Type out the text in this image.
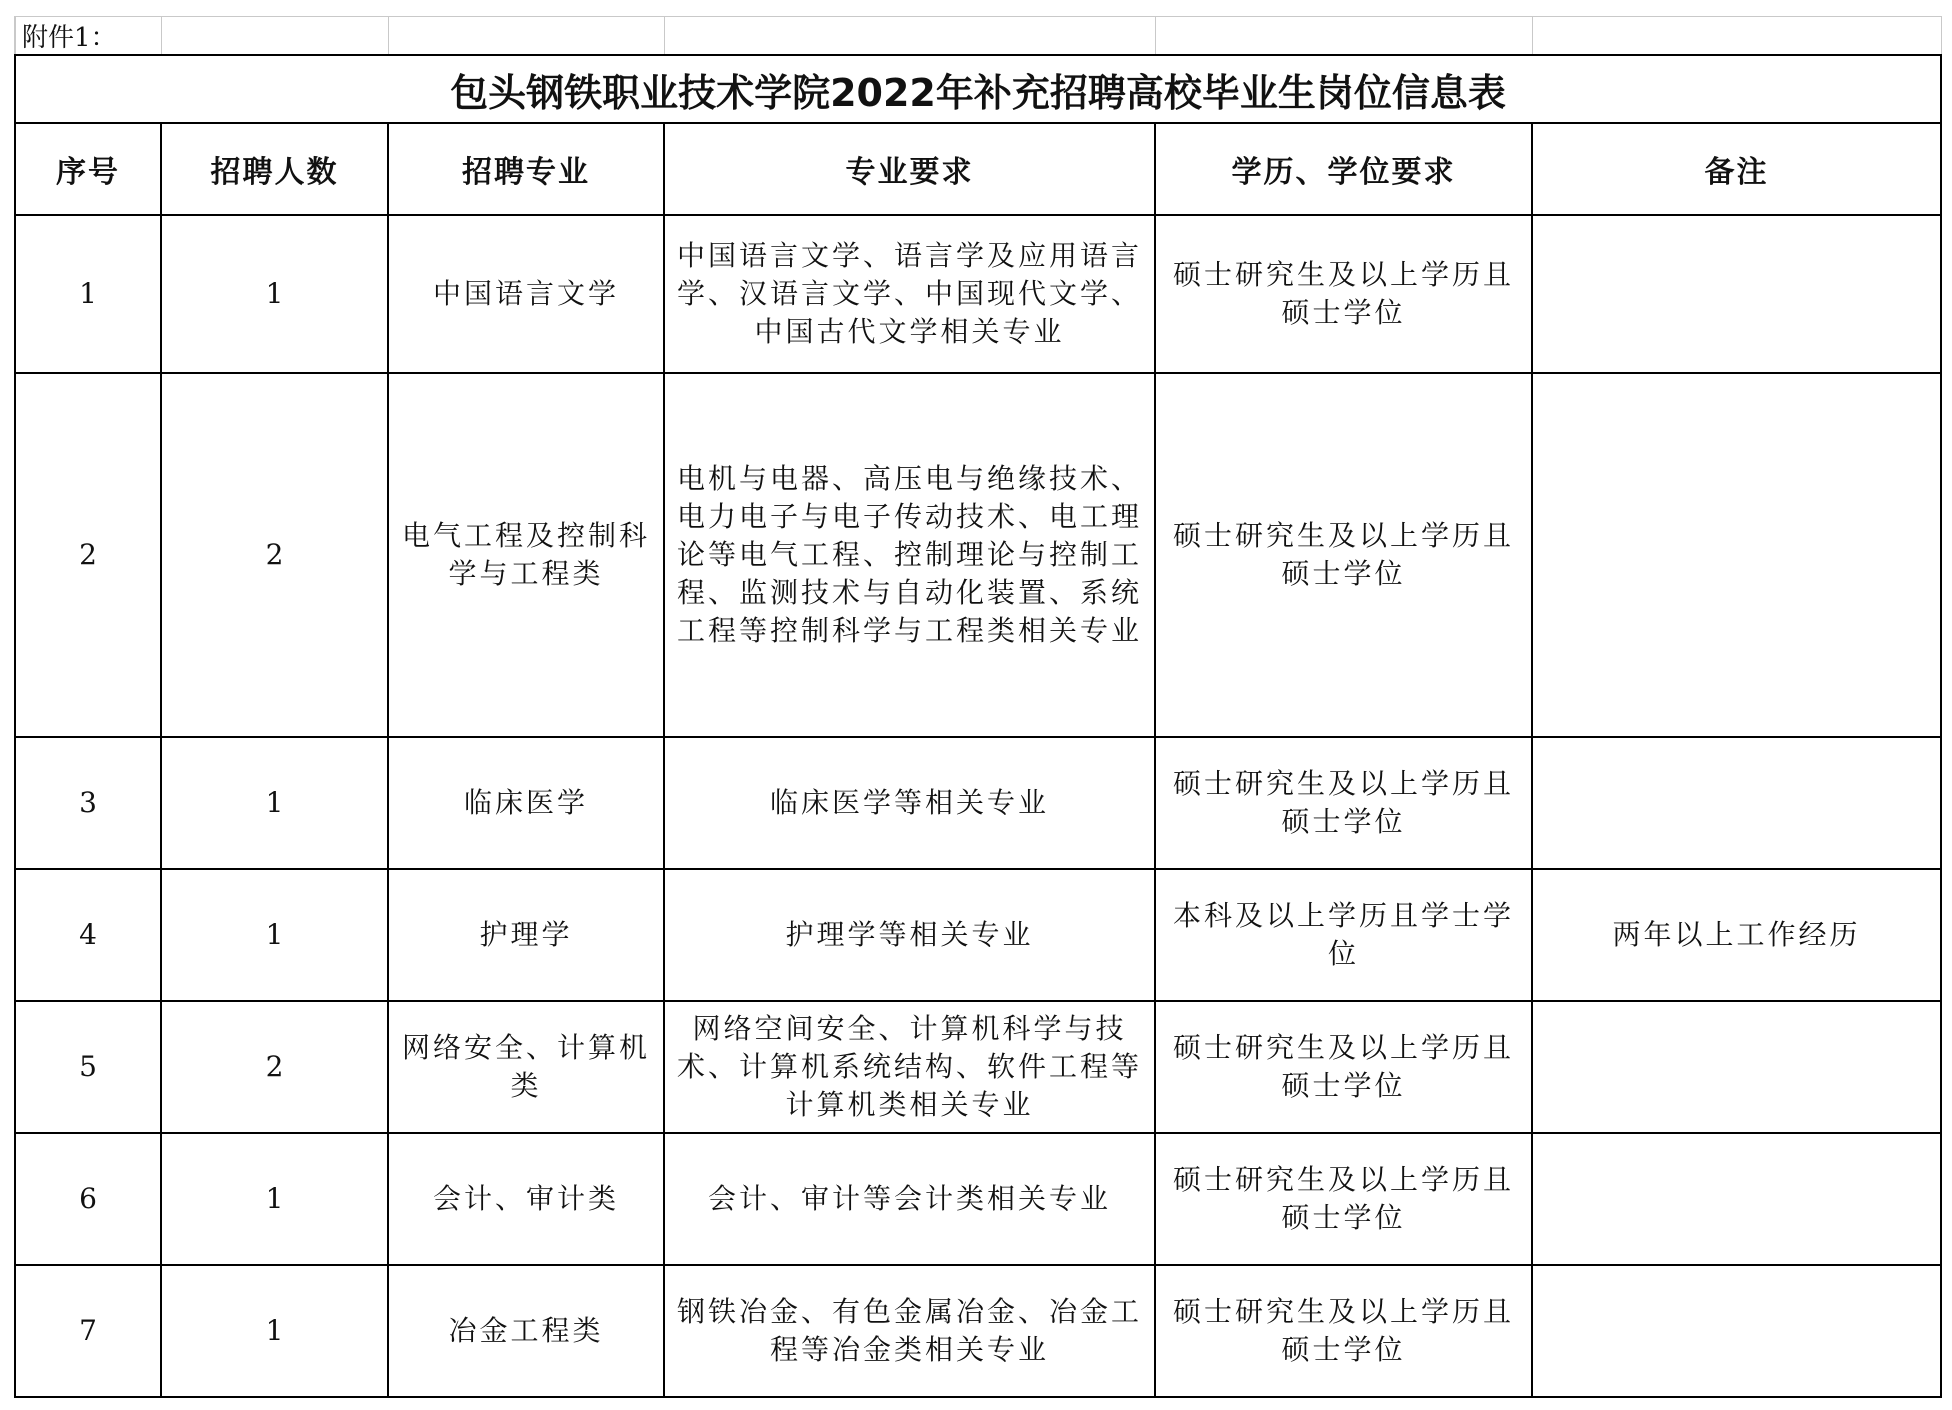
附件1：					
包头钢铁职业技术学院2022年补充招聘高校毕业生岗位信息表					
序号	招聘人数	招聘专业	专业要求	学历、学位要求	备注
1	1	中国语言文学	中国语言文学、语言学及应用语言学、汉语言文学、中国现代文学、中国古代文学相关专业	硕士研究生及以上学历且硕士学位	
2	2	电气工程及控制科学与工程类	电机与电器、高压电与绝缘技术、电力电子与电子传动技术、电工理论等电气工程、控制理论与控制工程、监测技术与自动化装置、系统工程等控制科学与工程类相关专业	硕士研究生及以上学历且硕士学位	
3	1	临床医学	临床医学等相关专业	硕士研究生及以上学历且硕士学位	
4	1	护理学	护理学等相关专业	本科及以上学历且学士学位	两年以上工作经历
5	2	网络安全、计算机类	网络空间安全、计算机科学与技术、计算机系统结构、软件工程等计算机类相关专业	硕士研究生及以上学历且硕士学位	
6	1	会计、审计类	会计、审计等会计类相关专业	硕士研究生及以上学历且硕士学位	
7	1	冶金工程类	钢铁冶金、有色金属冶金、冶金工程等冶金类相关专业	硕士研究生及以上学历且硕士学位	
